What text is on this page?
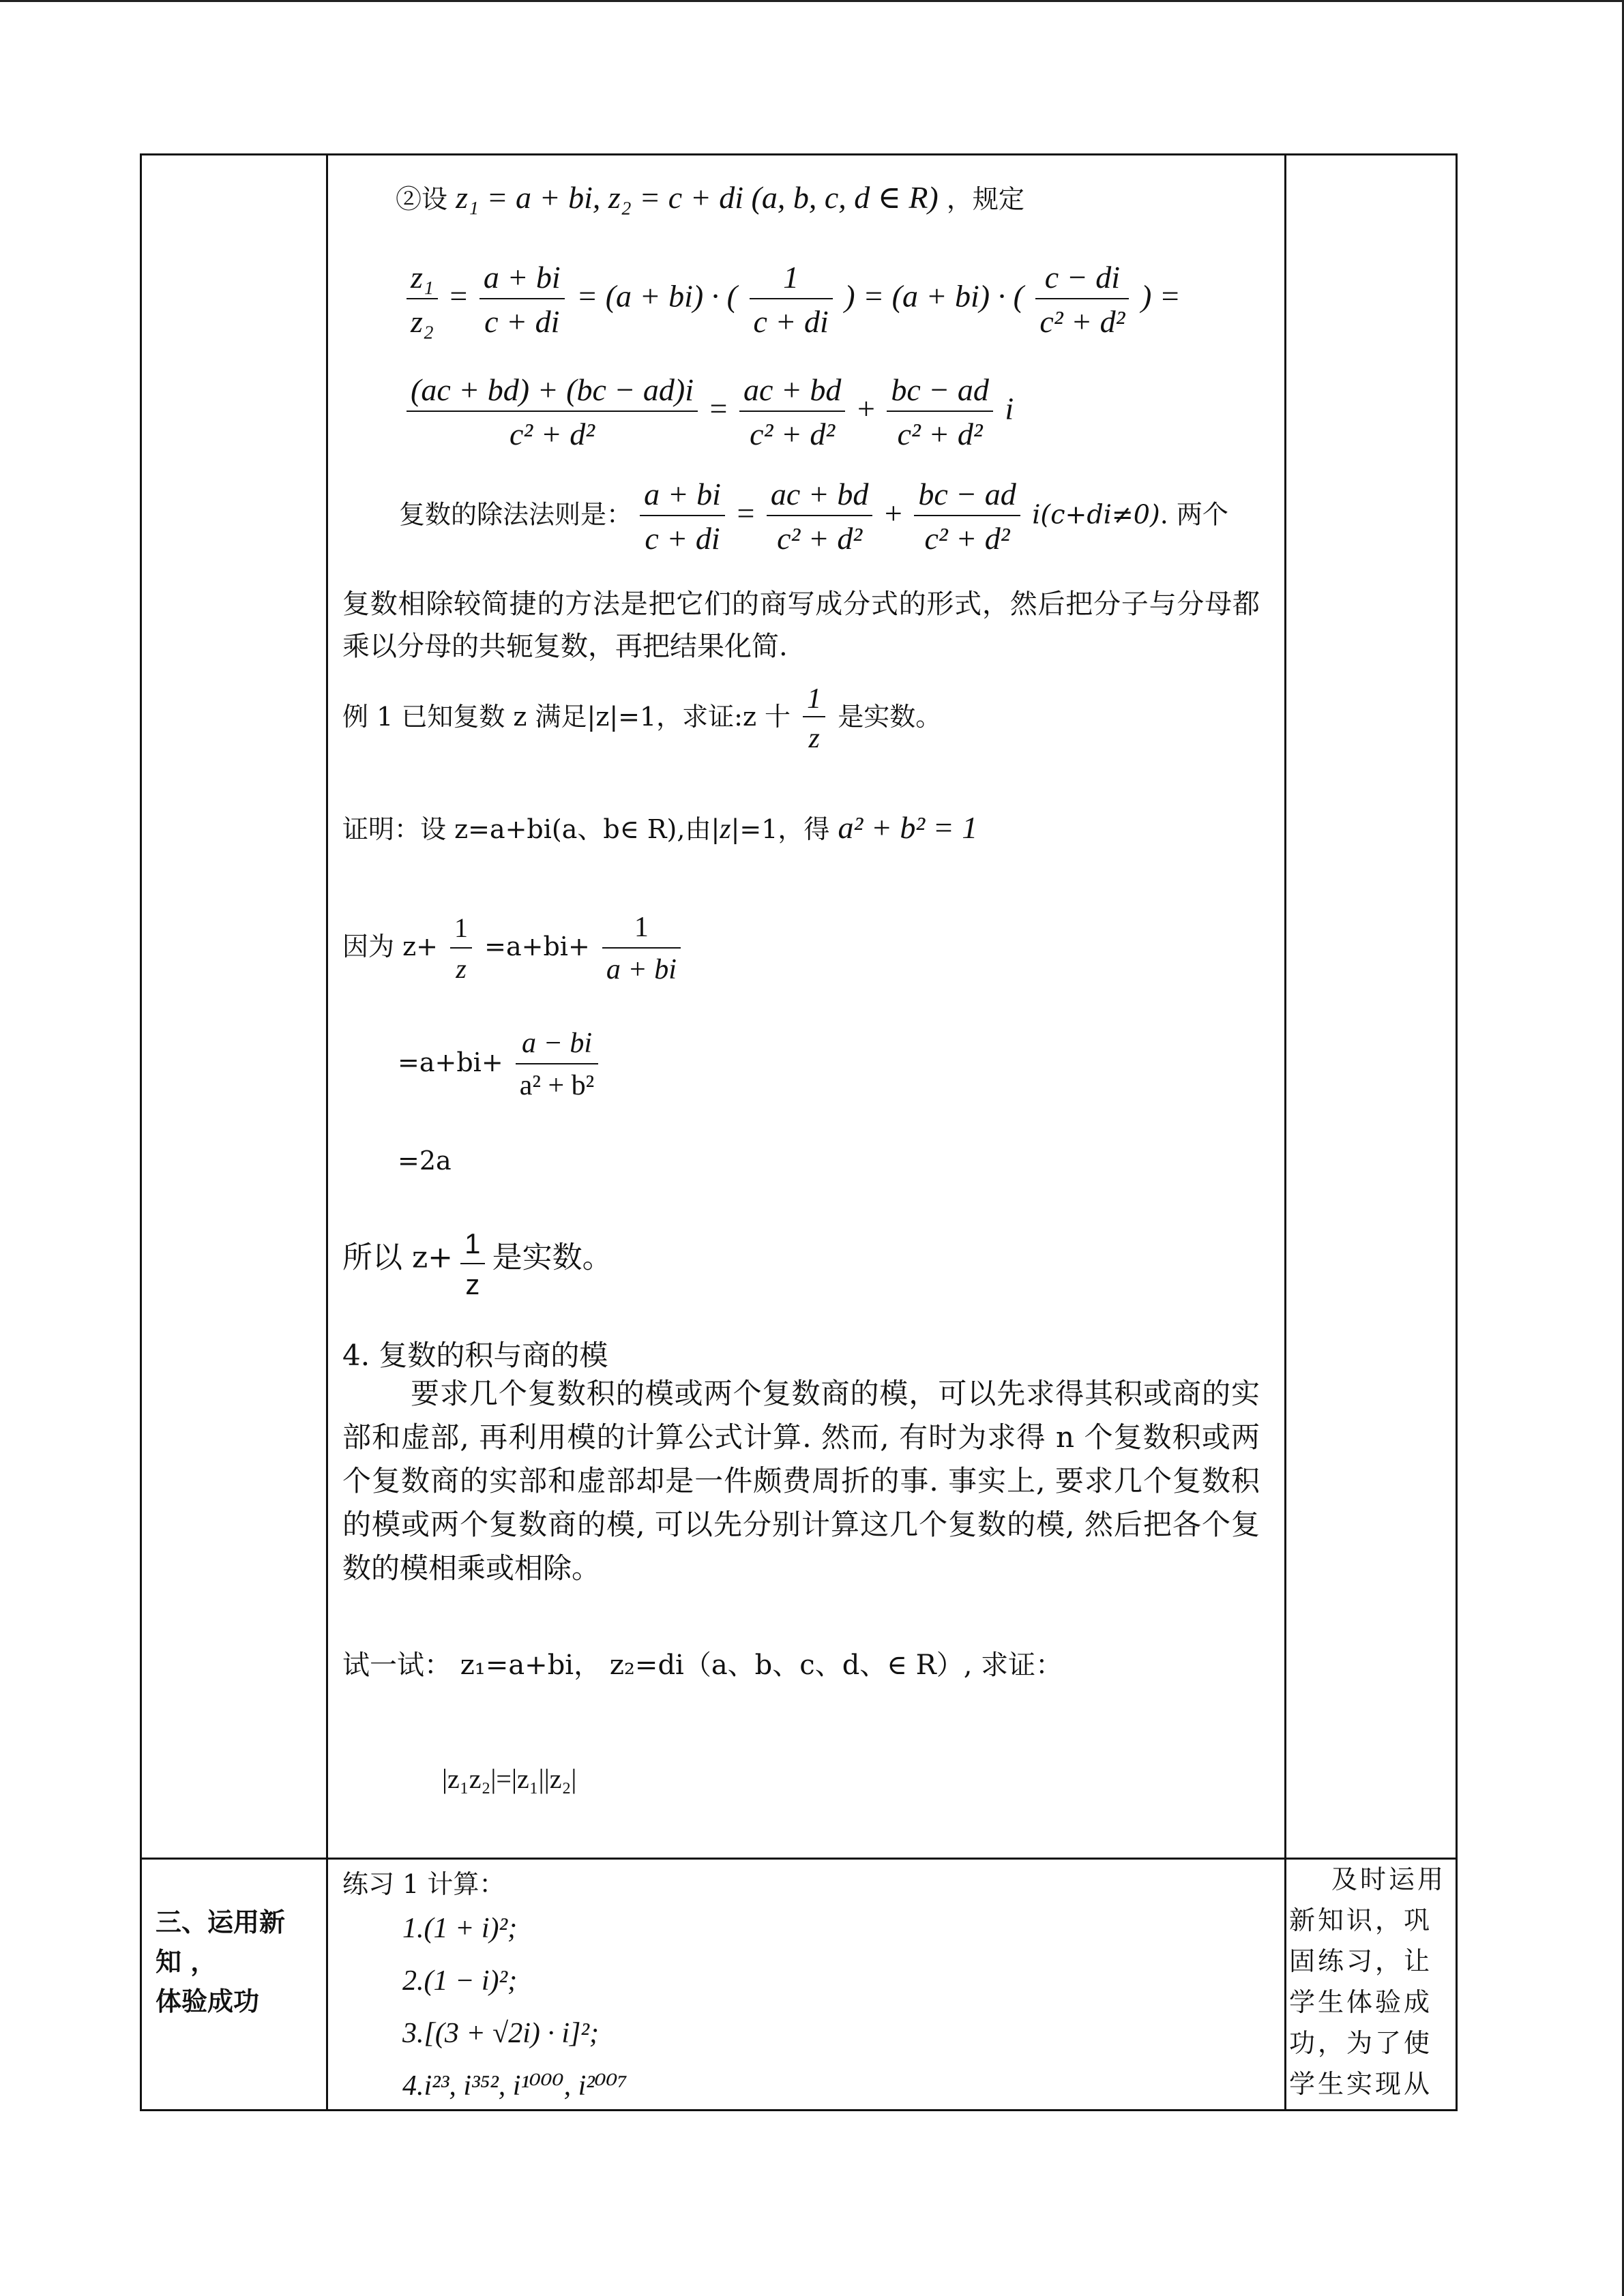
②设 z₁ = a + bi, z₂ = c + di (a, b, c, d ∈ R) ，规定
$\frac{\text{z₁}}{\text{z₂}} = \frac{a + bi}{c + di} = (a + bi)$ · ( $\frac{1}{c + di}$ ) = (a + bi) · ( $\frac{c - di}{\text{c² + d²}}$ ) =
$\frac{(ac + bd) + (bc - ad)i}{\text{c² + d²}} = \frac{ac + bd}{\text{c² + d²}} + \frac{bc - ad}{\text{c² + d²}}$ i
复数的除法法则是： $\frac{a + bi}{c + di} = \frac{ac + bd}{\text{c² + d²}} + \frac{bc - ad}{\text{c² + d²}} i(c+di\ne 0)$. 两个
复数相除较简捷的方法是把它们的商写成分式的形式，然后把分子与分母都乘以分母的共轭复数，再把结果化简.
例 1 已知复数 z 满足|z|=1，求证:z 十 $\frac{1}{z}$ 是实数。
证明：设 z=a+bi(a、b∈ R),由|z|=1，得 a² + b² = 1
因为 $z+ \frac{1}{z} =a+bi+ \frac{1}{a + bi}$
$=a+bi+ \frac{a - bi}{\text{a² + b²}}$
=2a
所以 $z+ \frac{1}{z}$ 是实数。
4. 复数的积与商的模
要求几个复数积的模或两个复数商的模，可以先求得其积或商的实部和虚部, 再利用模的计算公式计算. 然而, 有时为求得 n 个复数积或两个复数商的实部和虚部却是一件颇费周折的事. 事实上, 要求几个复数积的模或两个复数商的模, 可以先分别计算这几个复数的模, 然后把各个复数的模相乘或相除。
试一试： z₁=a+bi， z₂=di（a、b、c、d、∈ R）, 求证：
|z₁z₂|=|z₁||z₂|
三、运用新
知 ，
体验成功
练习 1 计算：
1.(1 + i)²;
2.(1 − i)²;
3.[(3 + √2i) · i]²;
4.i²³, i³⁵², i¹⁰⁰⁰, i²⁰⁰⁷
及时运用新知识，巩固练习，让学生体验成功，为了使学生实现从
